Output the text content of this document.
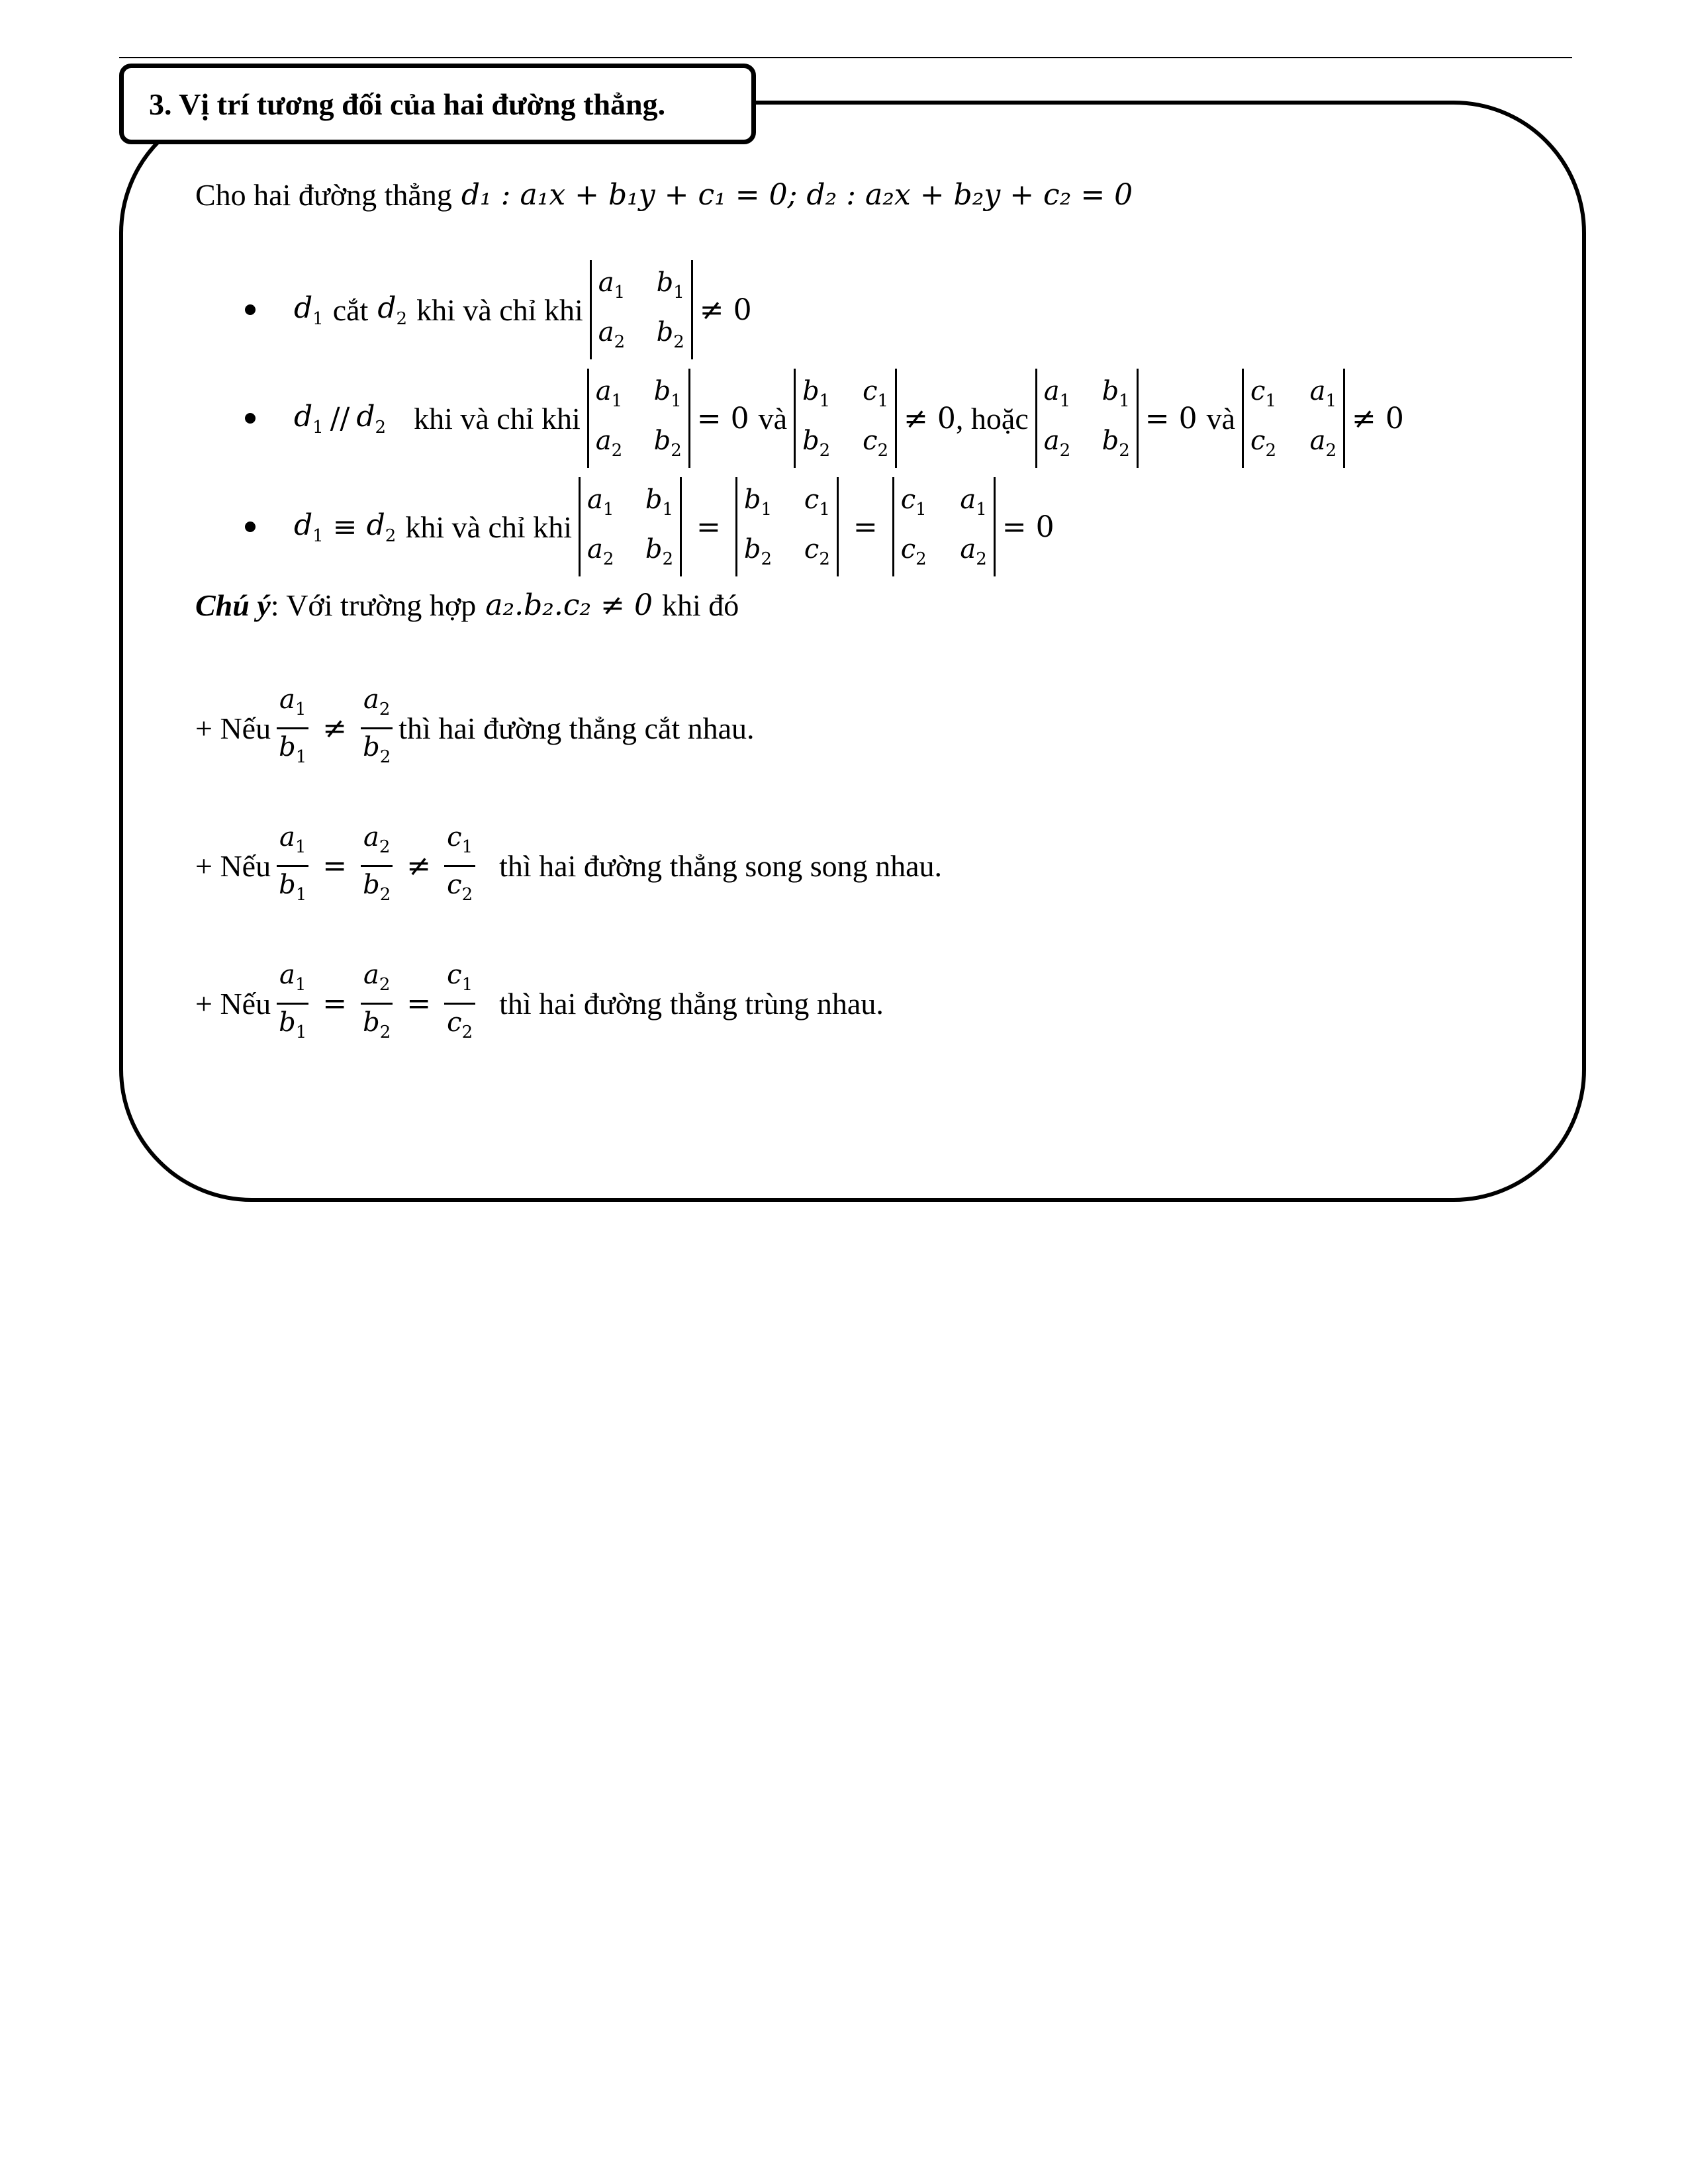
3. Vị trí tương đối của hai đường thẳng.
Cho hai đường thẳng d₁ : a₁x + b₁y + c₁ = 0; d₂ : a₂x + b₂y + c₂ = 0
$d_1$ cắt $d_2$ khi và chỉ khi
$a_1$	$b_1$
$a_2$	$b_2$
≠ 0
$d_1 // d_2$ khi và chỉ khi
$a_1$	$b_1$
$a_2$	$b_2$
= 0 và
$b_1$	$c_1$
$b_2$	$c_2$
≠ 0 , hoặc
$a_1$	$b_1$
$a_2$	$b_2$
= 0 và
$c_1$	$a_1$
$c_2$	$a_2$
≠ 0
$d_1 \equiv d_2$ khi và chỉ khi
$a_1$	$b_1$
$a_2$	$b_2$
=
$b_1$	$c_1$
$b_2$	$c_2$
=
$c_1$	$a_1$
$c_2$	$a_2$
= 0
Chú ý : Với trường hợp a₂.b₂.c₂ ≠ 0 khi đó
+ Nếu $\frac{a_1}{b_1} \ne \frac{a_2}{b_2}$ thì hai đường thẳng cắt nhau.
+ Nếu $\frac{a_1}{b_1} = \frac{a_2}{b_2} \ne \frac{c_1}{c_2}$ thì hai đường thẳng song song nhau.
+ Nếu $\frac{a_1}{b_1} = \frac{a_2}{b_2} = \frac{c_1}{c_2}$ thì hai đường thẳng trùng nhau.
